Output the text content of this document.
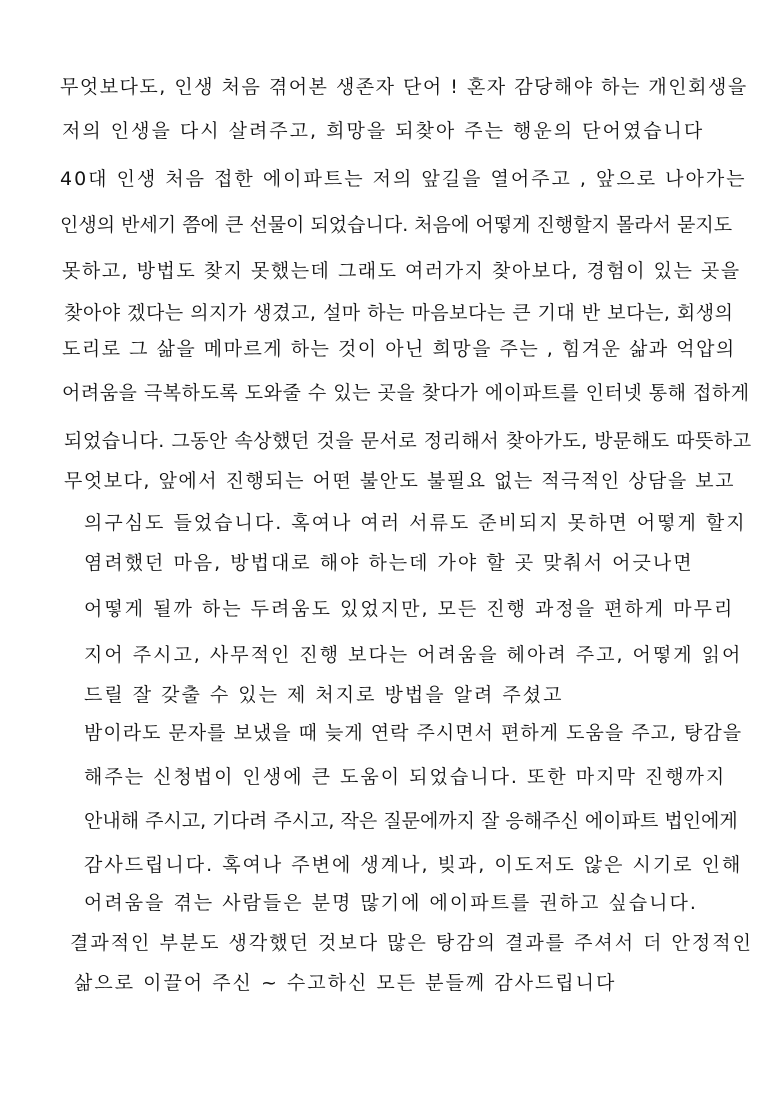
무엇보다도, 인생 처음 겪어본 생존자 단어 ! 혼자 감당해야 하는 개인회생을
저의 인생을 다시 살려주고, 희망을 되찾아 주는 행운의 단어였습니다
40대 인생 처음 접한 에이파트는 저의 앞길을 열어주고 , 앞으로 나아가는
인생의 반세기 쯤에 큰 선물이 되었습니다. 처음에 어떻게 진행할지 몰라서 묻지도
못하고, 방법도 찾지 못했는데 그래도 여러가지 찾아보다, 경험이 있는 곳을
찾아야 겠다는 의지가 생겼고, 설마 하는 마음보다는 큰 기대 반 보다는, 회생의
도리로 그 삶을 메마르게 하는 것이 아닌 희망을 주는 , 힘겨운 삶과 억압의
어려움을 극복하도록 도와줄 수 있는 곳을 찾다가 에이파트를 인터넷 통해 접하게
되었습니다. 그동안 속상했던 것을 문서로 정리해서 찾아가도, 방문해도 따뜻하고
무엇보다, 앞에서 진행되는 어떤 불안도 불필요 없는 적극적인 상담을 보고
의구심도 들었습니다. 혹여나 여러 서류도 준비되지 못하면 어떻게 할지
염려했던 마음, 방법대로 해야 하는데 가야 할 곳 맞춰서 어긋나면
어떻게 될까 하는 두려움도 있었지만, 모든 진행 과정을 편하게 마무리
지어 주시고, 사무적인 진행 보다는 어려움을 헤아려 주고, 어떻게 읽어
드릴 잘 갖출 수 있는 제 처지로 방법을 알려 주셨고
밤이라도 문자를 보냈을 때 늦게 연락 주시면서 편하게 도움을 주고, 탕감을
해주는 신청법이 인생에 큰 도움이 되었습니다. 또한 마지막 진행까지
안내해 주시고, 기다려 주시고, 작은 질문에까지 잘 응해주신 에이파트 법인에게
감사드립니다. 혹여나 주변에 생계나, 빚과, 이도저도 않은 시기로 인해
어려움을 겪는 사람들은 분명 많기에 에이파트를 권하고 싶습니다.
결과적인 부분도 생각했던 것보다 많은 탕감의 결과를 주셔서 더 안정적인
삶으로 이끌어 주신 ~ 수고하신 모든 분들께 감사드립니다
